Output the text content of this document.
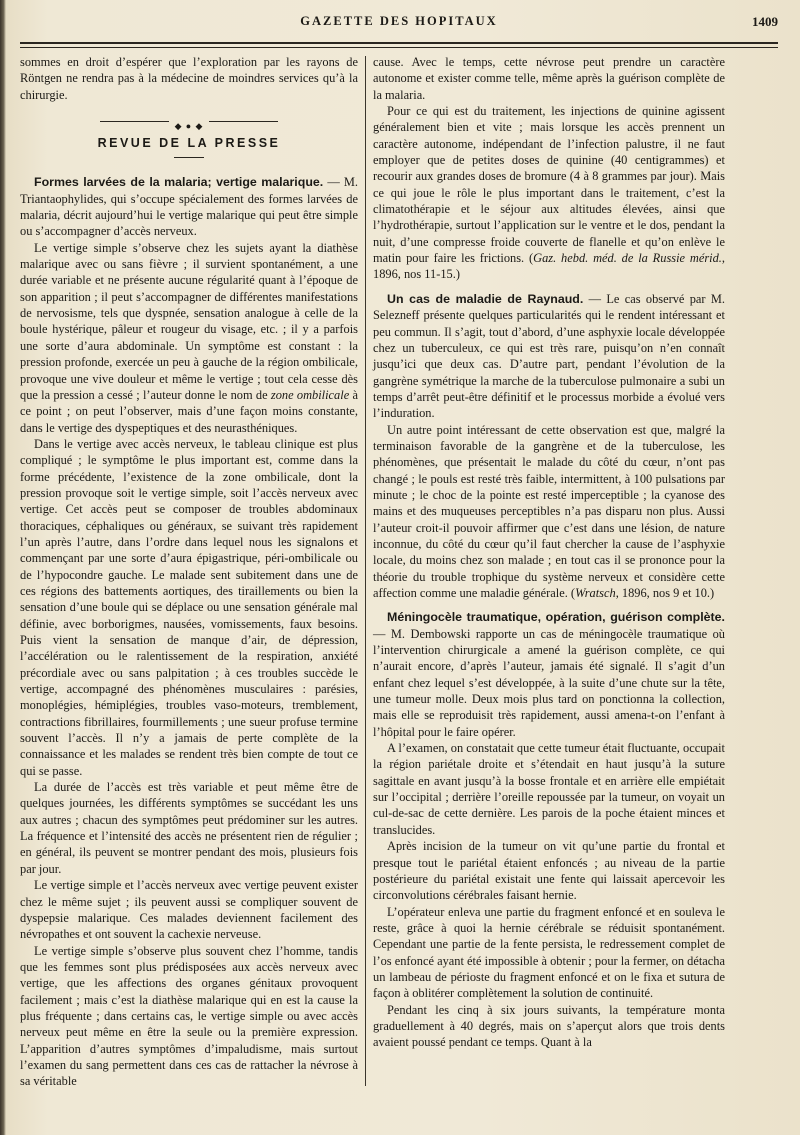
GAZETTE DES HOPITAUX	1409

sommes en droit d’espérer que l’exploration par les rayons de Röntgen ne rendra pas à la médecine de moindres services qu’à la chirurgie.

◆ ● ◆
REVUE DE LA PRESSE

Formes larvées de la malaria; vertige malarique. — M. Triantaophylides, qui s’occupe spécialement des formes larvées de malaria, décrit aujourd’hui le vertige malarique qui peut être simple ou s’accompagner d’accès nerveux.

Le vertige simple s’observe chez les sujets ayant la diathèse malarique avec ou sans fièvre ; il survient spontanément, a une durée variable et ne présente aucune régularité quant à l’époque de son apparition ; il peut s’accompagner de différentes manifestations de nervosisme, tels que dyspnée, sensation analogue à celle de la boule hystérique, pâleur et rougeur du visage, etc. ; il y a parfois une sorte d’aura abdominale. Un symptôme est constant : la pression profonde, exercée un peu à gauche de la région ombilicale, provoque une vive douleur et même le vertige ; tout cela cesse dès que la pression a cessé ; l’auteur donne le nom de zone ombilicale à ce point ; on peut l’observer, mais d’une façon moins constante, dans le vertige des dyspeptiques et des neurasthéniques.

Dans le vertige avec accès nerveux, le tableau clinique est plus compliqué ; le symptôme le plus important est, comme dans la forme précédente, l’existence de la zone ombilicale, dont la pression provoque soit le vertige simple, soit l’accès nerveux avec vertige. Cet accès peut se composer de troubles abdominaux thoraciques, céphaliques ou généraux, se suivant très rapidement l’un après l’autre, dans l’ordre dans lequel nous les signalons et commençant par une sorte d’aura épigastrique, péri-ombilicale ou de l’hypocondre gauche. Le malade sent subitement dans une de ces régions des battements aortiques, des tiraillements ou bien la sensation d’une boule qui se déplace ou une sensation générale mal définie, avec borborigmes, nausées, vomissements, faux besoins. Puis vient la sensation de manque d’air, de dépression, l’accélération ou le ralentissement de la respiration, anxiété précordiale avec ou sans palpitation ; à ces troubles succède le vertige, accompagné des phénomènes musculaires : parésies, monoplégies, hémiplégies, troubles vaso-moteurs, tremblement, contractions fibrillaires, fourmillements ; une sueur profuse termine souvent l’accès. Il n’y a jamais de perte complète de la connaissance et les malades se rendent très bien compte de tout ce qui se passe.

La durée de l’accès est très variable et peut même être de quelques journées, les différents symptômes se succédant les uns aux autres ; chacun des symptômes peut prédominer sur les autres. La fréquence et l’intensité des accès ne présentent rien de régulier ; en général, ils peuvent se montrer pendant des mois, plusieurs fois par jour.

Le vertige simple et l’accès nerveux avec vertige peuvent exister chez le même sujet ; ils peuvent aussi se compliquer souvent de dyspepsie malarique. Ces malades deviennent facilement des névropathes et ont souvent la cachexie nerveuse.

Le vertige simple s’observe plus souvent chez l’homme, tandis que les femmes sont plus prédisposées aux accès nerveux avec vertige, que les affections des organes génitaux provoquent facilement ; mais c’est la diathèse malarique qui en est la cause la plus fréquente ; dans certains cas, le vertige simple ou avec accès nerveux peut même en être la seule ou la première expression. L’apparition d’autres symptômes d’impaludisme, mais surtout l’examen du sang permettent dans ces cas de rattacher la névrose à sa véritable

cause. Avec le temps, cette névrose peut prendre un caractère autonome et exister comme telle, même après la guérison complète de la malaria.

Pour ce qui est du traitement, les injections de quinine agissent généralement bien et vite ; mais lorsque les accès prennent un caractère autonome, indépendant de l’infection palustre, il ne faut employer que de petites doses de quinine (40 centigrammes) et recourir aux grandes doses de bromure (4 à 8 grammes par jour). Mais ce qui joue le rôle le plus important dans le traitement, c’est la climatothérapie et le séjour aux altitudes élevées, ainsi que l’hydrothérapie, surtout l’application sur le ventre et le dos, pendant la nuit, d’une compresse froide couverte de flanelle et qu’on enlève le matin pour faire les frictions. (Gaz. hebd. méd. de la Russie mérid., 1896, nos 11-15.)

Un cas de maladie de Raynaud. — Le cas observé par M. Selezneff présente quelques particularités qui le rendent intéressant et peu commun. Il s’agit, tout d’abord, d’une asphyxie locale développée chez un tuberculeux, ce qui est très rare, puisqu’on n’en connaît jusqu’ici que deux cas. D’autre part, pendant l’évolution de la gangrène symétrique la marche de la tuberculose pulmonaire a subi un temps d’arrêt peut-être définitif et le processus morbide a évolué vers l’induration.

Un autre point intéressant de cette observation est que, malgré la terminaison favorable de la gangrène et de la tuberculose, les phénomènes, que présentait le malade du côté du cœur, n’ont pas changé ; le pouls est resté très faible, intermittent, à 100 pulsations par minute ; le choc de la pointe est resté imperceptible ; la cyanose des mains et des muqueuses perceptibles n’a pas disparu non plus. Aussi l’auteur croit-il pouvoir affirmer que c’est dans une lésion, de nature inconnue, du côté du cœur qu’il faut chercher la cause de l’asphyxie locale, du moins chez son malade ; en tout cas il se prononce pour la théorie du trouble trophique du système nerveux et considère cette affection comme une maladie générale. (Wratsch, 1896, nos 9 et 10.)

Méningocèle traumatique, opération, guérison complète. — M. Dembowski rapporte un cas de méningocèle traumatique où l’intervention chirurgicale a amené la guérison complète, ce qui n’aurait encore, d’après l’auteur, jamais été signalé. Il s’agit d’un enfant chez lequel s’est développée, à la suite d’une chute sur la tête, une tumeur molle. Deux mois plus tard on ponctionna la collection, mais elle se reproduisit très rapidement, aussi amena-t-on l’enfant à l’hôpital pour le faire opérer.

A l’examen, on constatait que cette tumeur était fluctuante, occupait la région pariétale droite et s’étendait en haut jusqu’à la suture sagittale en avant jusqu’à la bosse frontale et en arrière elle empiétait sur l’occipital ; derrière l’oreille repoussée par la tumeur, on voyait un cul-de-sac de cette dernière. Les parois de la poche étaient minces et translucides.

Après incision de la tumeur on vit qu’une partie du frontal et presque tout le pariétal étaient enfoncés ; au niveau de la partie postérieure du pariétal existait une fente qui laissait apercevoir les circonvolutions cérébrales faisant hernie.

L’opérateur enleva une partie du fragment enfoncé et en souleva le reste, grâce à quoi la hernie cérébrale se réduisit spontanément. Cependant une partie de la fente persista, le redressement complet de l’os enfoncé ayant été impossible à obtenir ; pour la fermer, on détacha un lambeau de périoste du fragment enfoncé et on le fixa et sutura de façon à oblitérer complètement la solution de continuité.

Pendant les cinq à six jours suivants, la température monta graduellement à 40 degrés, mais on s’aperçut alors que trois dents avaient poussé pendant ce temps. Quant à la
